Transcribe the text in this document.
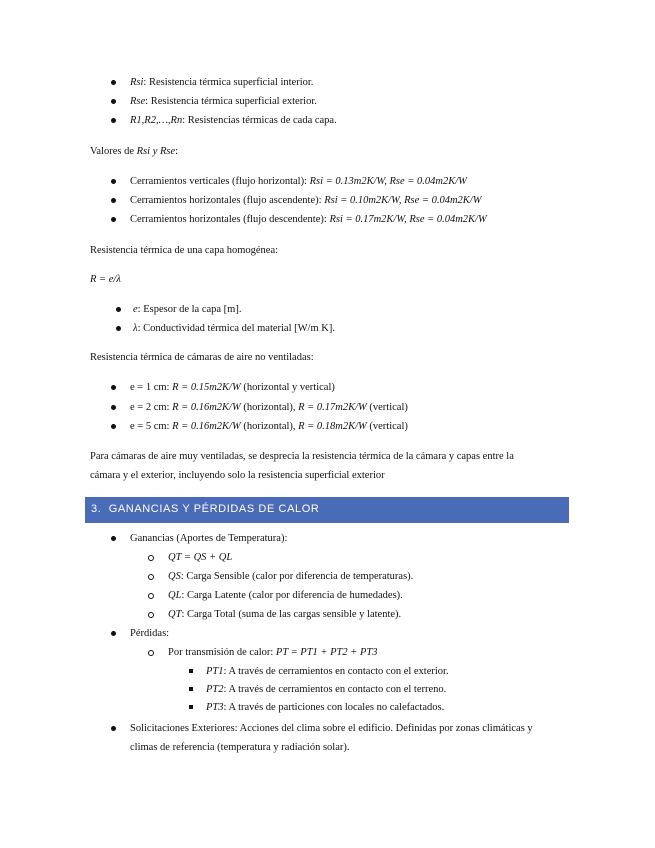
Rsi: Resistencia térmica superficial interior.
Rse: Resistencia térmica superficial exterior.
R1,R2,…,Rn: Resistencias térmicas de cada capa.
Valores de Rsi y Rse:
Cerramientos verticales (flujo horizontal): Rsi = 0.13m2K/W, Rse = 0.04m2K/W
Cerramientos horizontales (flujo ascendente): Rsi = 0.10m2K/W, Rse = 0.04m2K/W
Cerramientos horizontales (flujo descendente): Rsi = 0.17m2K/W, Rse = 0.04m2K/W
Resistencia térmica de una capa homogénea:
R = e/λ
e: Espesor de la capa [m].
λ: Conductividad térmica del material [W/m K].
Resistencia térmica de cámaras de aire no ventiladas:
e = 1 cm: R = 0.15m2K/W (horizontal y vertical)
e = 2 cm: R = 0.16m2K/W (horizontal), R = 0.17m2K/W (vertical)
e = 5 cm: R = 0.16m2K/W (horizontal), R = 0.18m2K/W (vertical)
Para cámaras de aire muy ventiladas, se desprecia la resistencia térmica de la cámara y capas entre la
cámara y el exterior, incluyendo solo la resistencia superficial exterior
3. GANANCIAS Y PÉRDIDAS DE CALOR
Ganancias (Aportes de Temperatura):
QT = QS + QL
QS: Carga Sensible (calor por diferencia de temperaturas).
QL: Carga Latente (calor por diferencia de humedades).
QT: Carga Total (suma de las cargas sensible y latente).
Pérdidas:
Por transmisión de calor: PT = PT1 + PT2 + PT3
PT1: A través de cerramientos en contacto con el exterior.
PT2: A través de cerramientos en contacto con el terreno.
PT3: A través de particiones con locales no calefactados.
Solicitaciones Exteriores: Acciones del clima sobre el edificio. Definidas por zonas climáticas y
climas de referencia (temperatura y radiación solar).
